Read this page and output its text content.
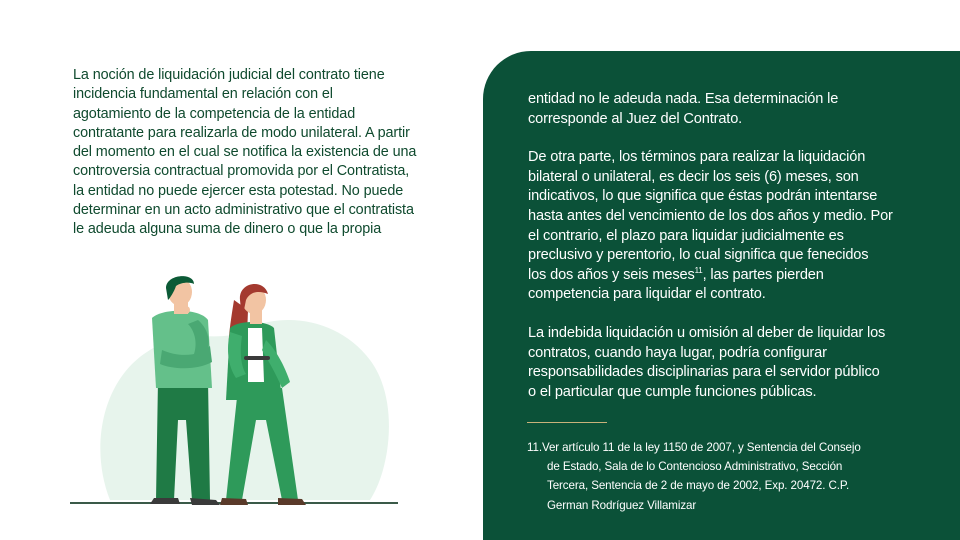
La noción de liquidación judicial del contrato tiene
incidencia fundamental en relación con el
agotamiento de la competencia de la entidad
contratante para realizarla de modo unilateral. A partir
del momento en el cual se notifica la existencia de una
controversia contractual promovida por el Contratista,
la entidad no puede ejercer esta potestad. No puede
determinar en un acto administrativo que el contratista
le adeuda alguna suma de dinero o que la propia
entidad no le adeuda nada. Esa determinación le
corresponde al Juez del Contrato.
De otra parte, los términos para realizar la liquidación
bilateral o unilateral, es decir los seis (6) meses, son
indicativos, lo que significa que éstas podrán intentarse
hasta antes del vencimiento de los dos años y medio. Por
el contrario, el plazo para liquidar judicialmente es
preclusivo y perentorio, lo cual significa que fenecidos
los dos años y seis meses$^{11}$, las partes pierden
competencia para liquidar el contrato.
La indebida liquidación u omisión al deber de liquidar los
contratos, cuando haya lugar, podría configurar
responsabilidades disciplinarias para el servidor público
o el particular que cumple funciones públicas.
11.Ver artículo 11 de la ley 1150 de 2007, y Sentencia del Consejo
de Estado, Sala de lo Contencioso Administrativo, Sección
Tercera, Sentencia de 2 de mayo de 2002, Exp. 20472. C.P.
German Rodríguez Villamizar
